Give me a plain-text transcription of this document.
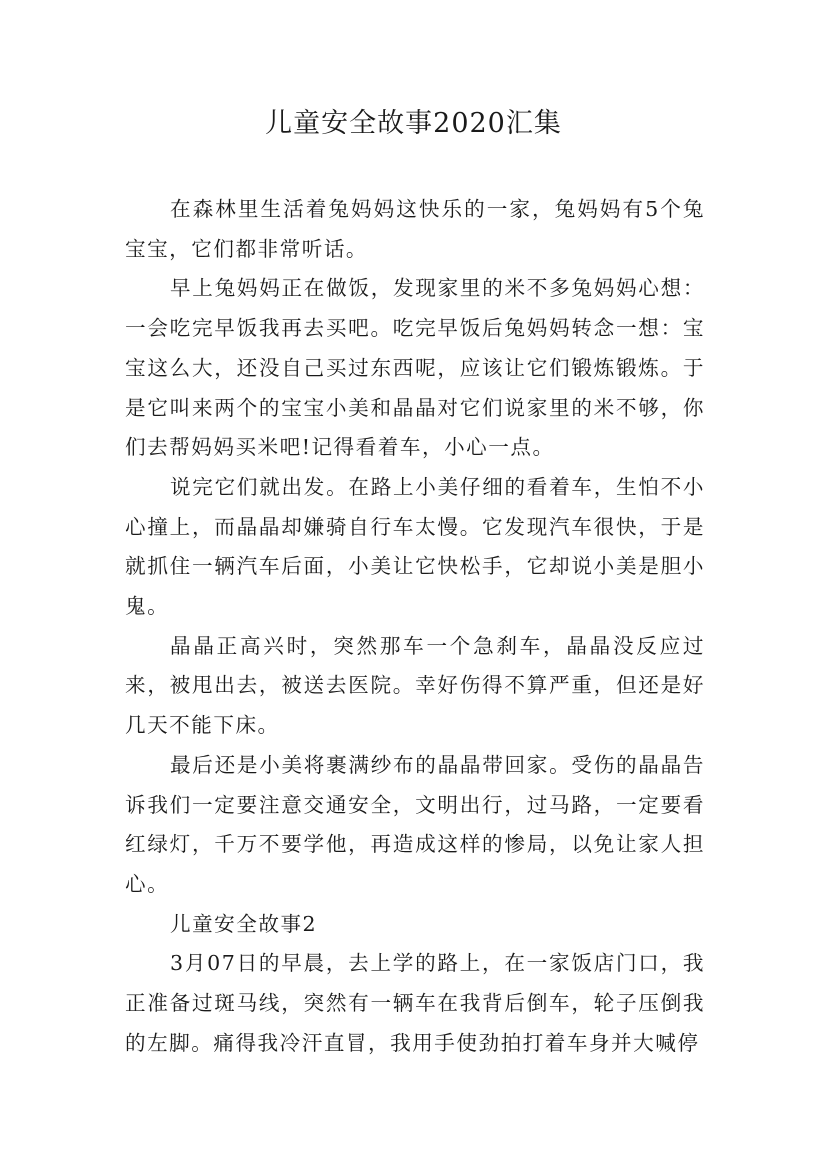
儿童安全故事2020汇集

在森林里生活着兔妈妈这快乐的一家，兔妈妈有5个兔宝宝，它们都非常听话。

早上兔妈妈正在做饭，发现家里的米不多兔妈妈心想：一会吃完早饭我再去买吧。吃完早饭后兔妈妈转念一想：宝宝这么大，还没自己买过东西呢，应该让它们锻炼锻炼。于是它叫来两个的宝宝小美和晶晶对它们说家里的米不够，你们去帮妈妈买米吧!记得看着车，小心一点。

说完它们就出发。在路上小美仔细的看着车，生怕不小心撞上，而晶晶却嫌骑自行车太慢。它发现汽车很快，于是就抓住一辆汽车后面，小美让它快松手，它却说小美是胆小鬼。

晶晶正高兴时，突然那车一个急刹车，晶晶没反应过来，被甩出去，被送去医院。幸好伤得不算严重，但还是好几天不能下床。

最后还是小美将裹满纱布的晶晶带回家。受伤的晶晶告诉我们一定要注意交通安全，文明出行，过马路，一定要看红绿灯，千万不要学他，再造成这样的惨局，以免让家人担心。

儿童安全故事2

3月07日的早晨，去上学的路上，在一家饭店门口，我正准备过斑马线，突然有一辆车在我背后倒车，轮子压倒我的左脚。痛得我冷汗直冒，我用手使劲拍打着车身并大喊停
